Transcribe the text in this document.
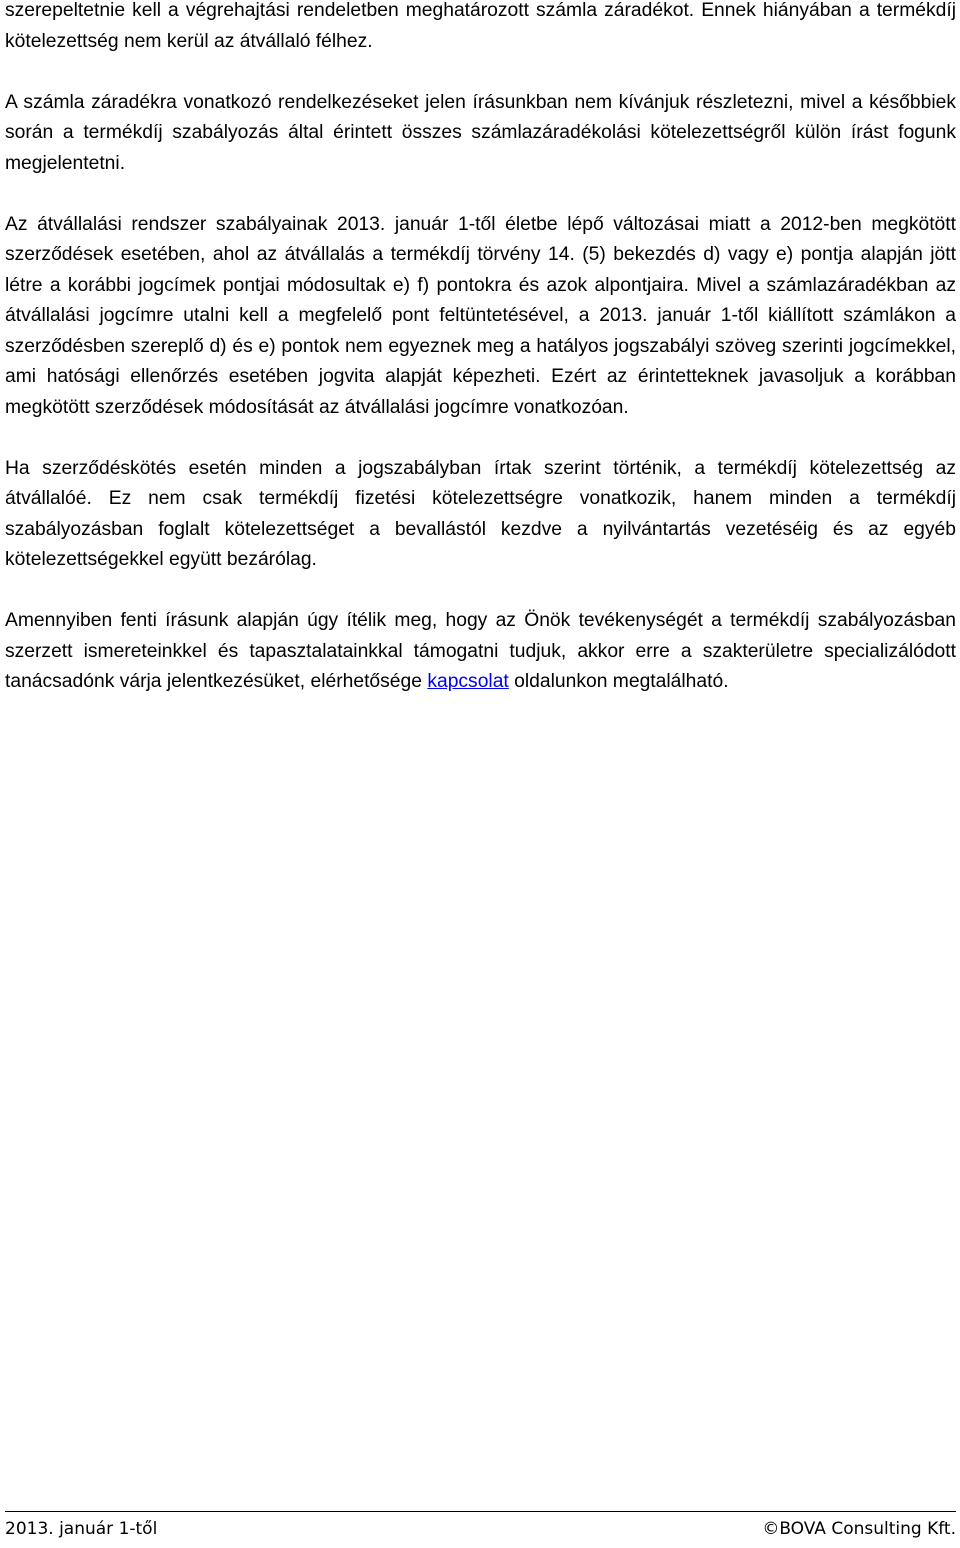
szerepeltetnie kell a végrehajtási rendeletben meghatározott számla záradékot. Ennek hiányában a termékdíj kötelezettség nem kerül az átvállaló félhez.

A számla záradékra vonatkozó rendelkezéseket jelen írásunkban nem kívánjuk részletezni, mivel a későbbiek során a termékdíj szabályozás által érintett összes számlazáradékolási kötelezettségről külön írást fogunk megjelentetni.

Az átvállalási rendszer szabályainak 2013. január 1-től életbe lépő változásai miatt a 2012-ben megkötött szerződések esetében, ahol az átvállalás a termékdíj törvény 14. (5) bekezdés d) vagy e) pontja alapján jött létre a korábbi jogcímek pontjai módosultak e) f) pontokra és azok alpontjaira. Mivel a számlazáradékban az átvállalási jogcímre utalni kell a megfelelő pont feltüntetésével, a 2013. január 1-től kiállított számlákon a szerződésben szereplő d) és e) pontok nem egyeznek meg a hatályos jogszabályi szöveg szerinti jogcímekkel, ami hatósági ellenőrzés esetében jogvita alapját képezheti. Ezért az érintetteknek javasoljuk a korábban megkötött szerződések módosítását az átvállalási jogcímre vonatkozóan.

Ha szerződéskötés esetén minden a jogszabályban írtak szerint történik, a termékdíj kötelezettség az átvállalóé. Ez nem csak termékdíj fizetési kötelezettségre vonatkozik, hanem minden a termékdíj szabályozásban foglalt kötelezettséget a bevallástól kezdve a nyilvántartás vezetéséig és az egyéb kötelezettségekkel együtt bezárólag.

Amennyiben fenti írásunk alapján úgy ítélik meg, hogy az Önök tevékenységét a termékdíj szabályozásban szerzett ismereteinkkel és tapasztalatainkkal támogatni tudjuk, akkor erre a szakterületre specializálódott tanácsadónk várja jelentkezésüket, elérhetősége kapcsolat oldalunkon megtalálható.

2013. január 1-től	©BOVA Consulting Kft.
